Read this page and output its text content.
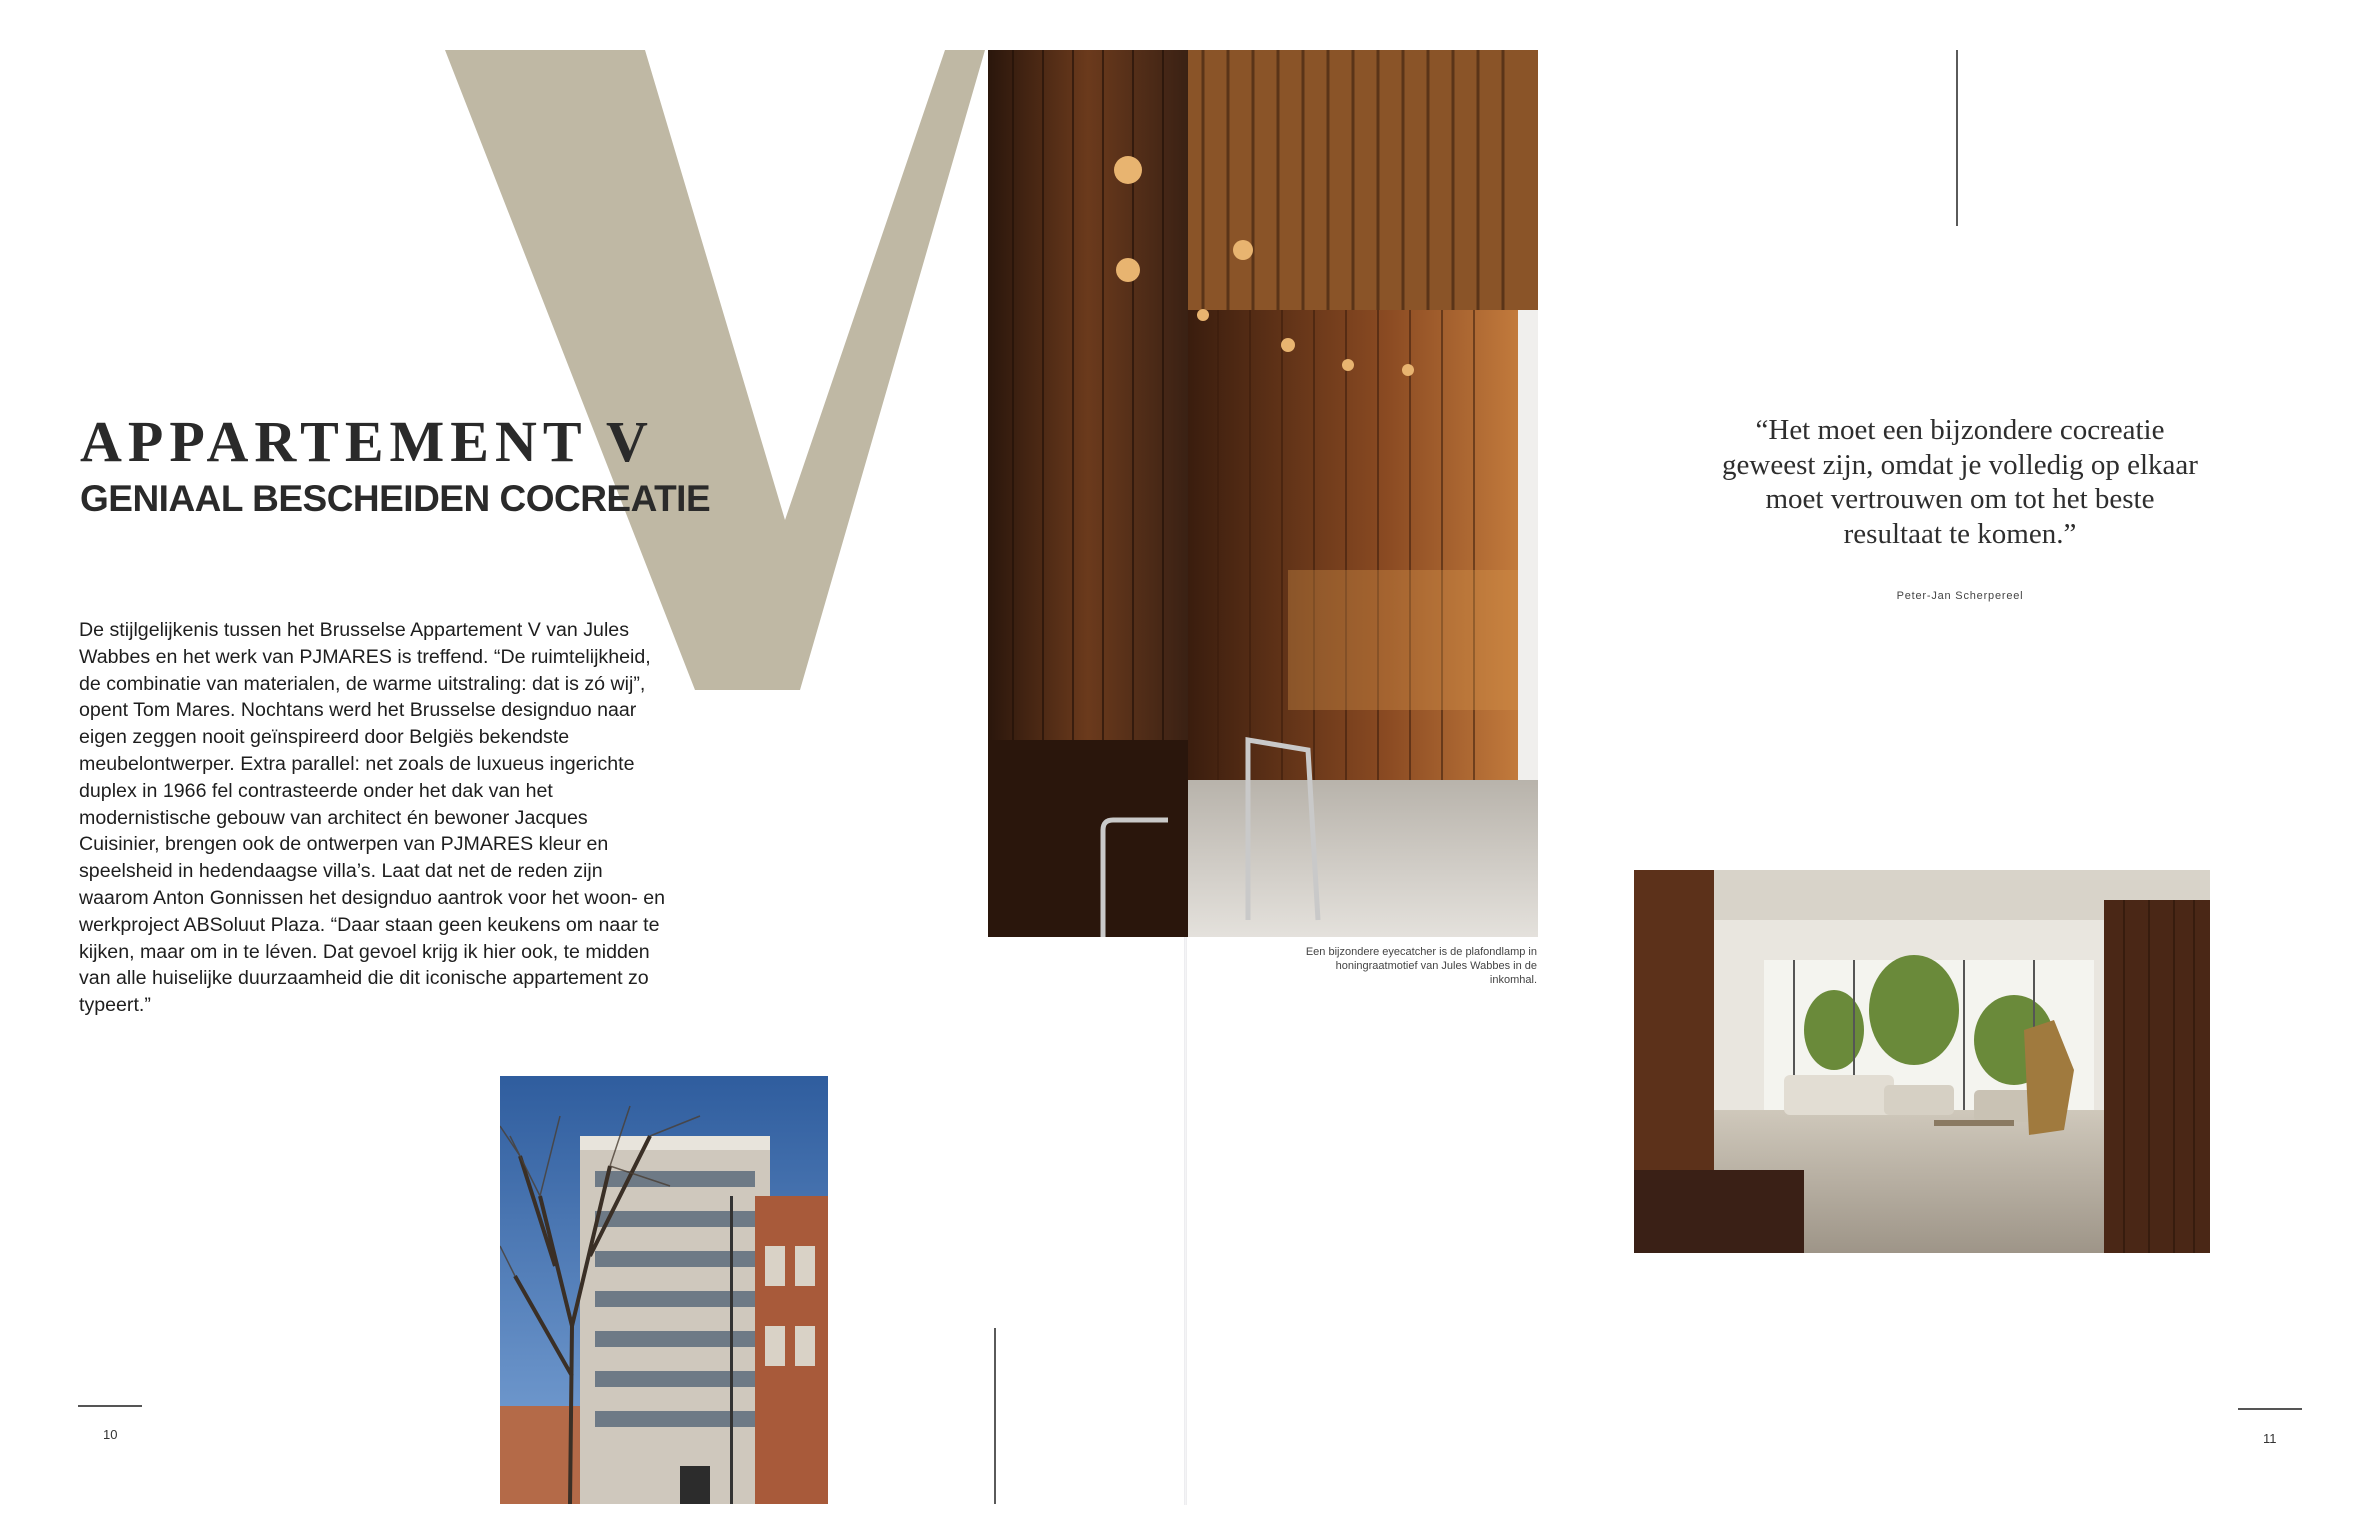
APPARTEMENT V
GENIAAL BESCHEIDEN COCREATIE

De stijlgelijkenis tussen het Brusselse Appartement V van Jules Wabbes en het werk van PJMARES is treffend. “De ruimtelijkheid, de combinatie van materialen, de warme uitstraling: dat is zó wij”, opent Tom Mares. Nochtans werd het Brusselse designduo naar eigen zeggen nooit geïnspireerd door Belgiës bekendste meubelontwerper. Extra parallel: net zoals de luxueus ingerichte duplex in 1966 fel contrasteerde onder het dak van het modernistische gebouw van architect én bewoner Jacques Cuisinier, brengen ook de ontwerpen van PJMARES kleur en speelsheid in hedendaagse villa’s. Laat dat net de reden zijn waarom Anton Gonnissen het designduo aantrok voor het woon- en werkproject ABSoluut Plaza. “Daar staan geen keukens om naar te kijken, maar om in te léven. Dat gevoel krijg ik hier ook, te midden van alle huiselijke duurzaamheid die dit iconische appartement zo typeert.”

Een bijzondere eyecatcher is de plafondlamp in honingraatmotief van Jules Wabbes in de inkomhal.

“Het moet een bijzondere cocreatie geweest zijn, omdat je volledig op elkaar moet vertrouwen om tot het beste resultaat te komen.”

Peter-Jan Scherpereel
10	11
